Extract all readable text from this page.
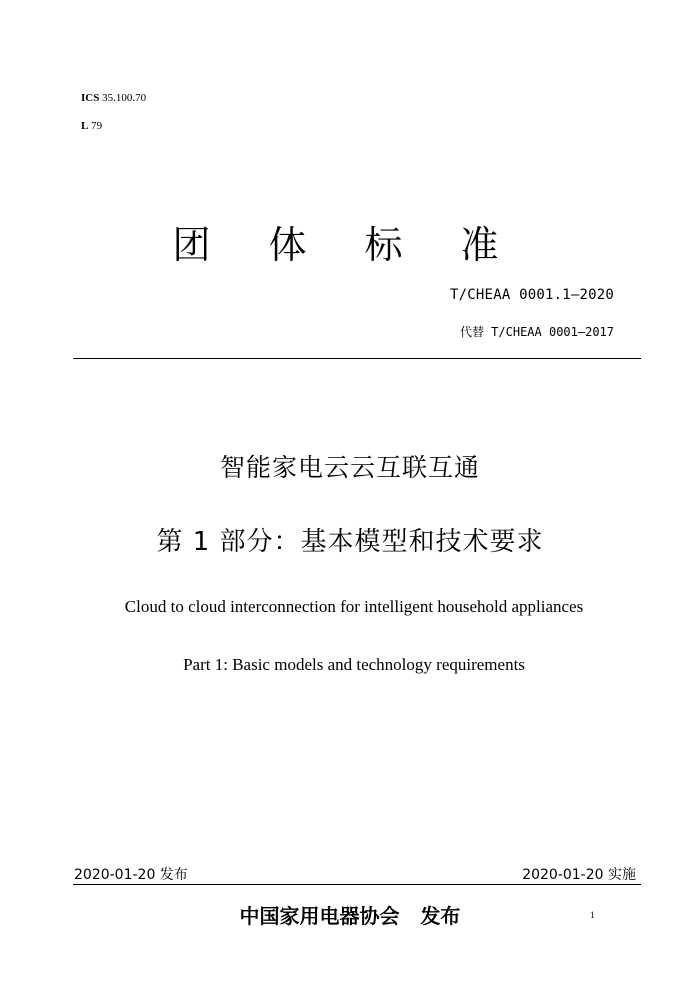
ICS 35.100.70
L 79
团 体 标 准
T/CHEAA 0001.1—2020
代替 T/CHEAA 0001—2017
智能家电云云互联互通
第 1 部分：基本模型和技术要求
Cloud to cloud interconnection for intelligent household appliances
Part 1: Basic models and technology requirements
2020-01-20 发布	2020-01-20 实施
中国家用电器协会   发布	1
